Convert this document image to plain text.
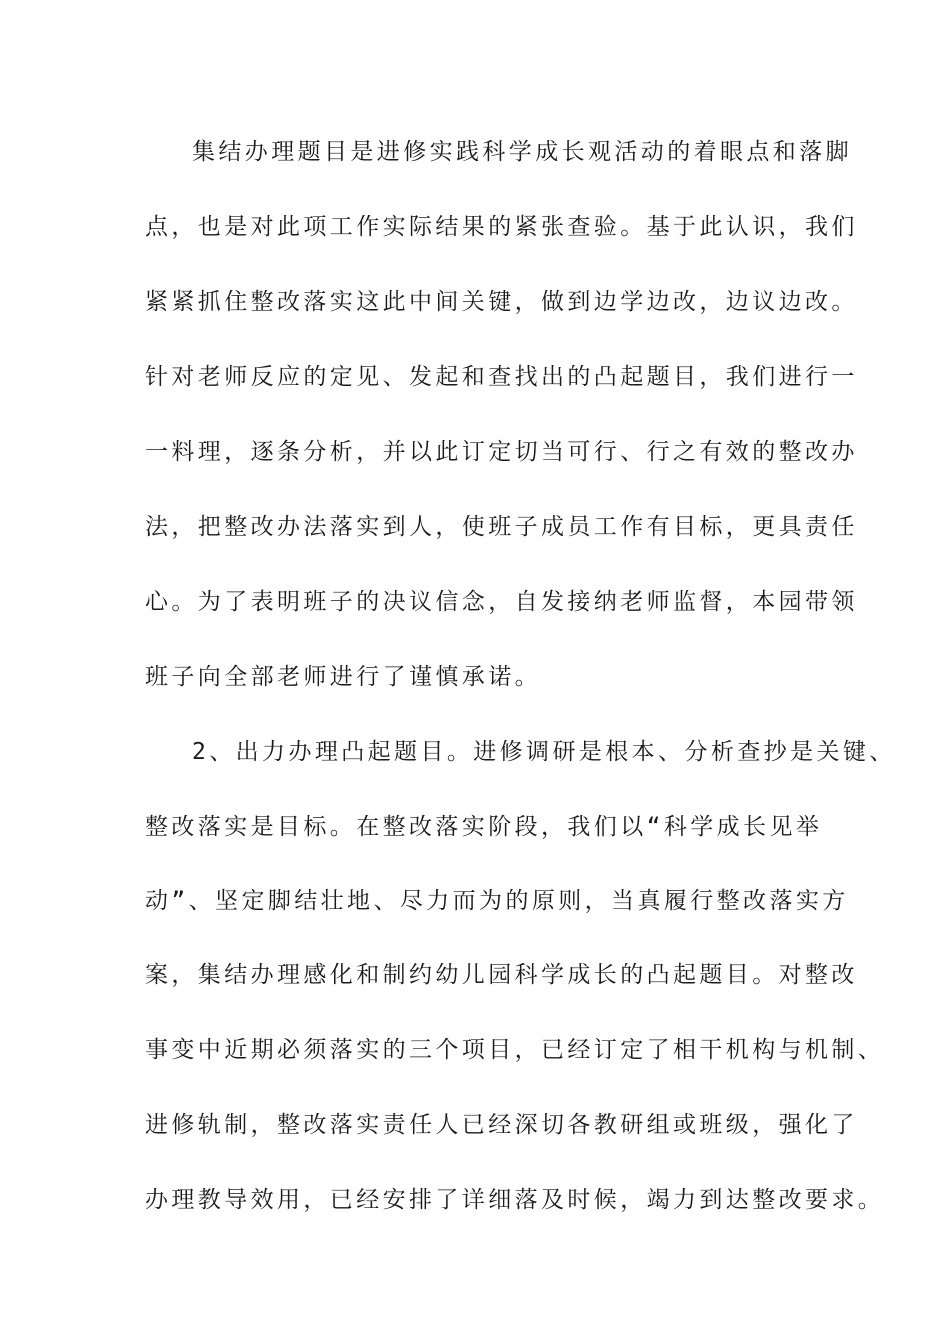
集结办理题目是进修实践科学成长观活动的着眼点和落脚
点，也是对此项工作实际结果的紧张查验。基于此认识，我们
紧紧抓住整改落实这此中间关键，做到边学边改，边议边改。
针对老师反应的定见、发起和查找出的凸起题目，我们进行一
一料理，逐条分析，并以此订定切当可行、行之有效的整改办
法，把整改办法落实到人，使班子成员工作有目标，更具责任
心。为了表明班子的决议信念，自发接纳老师监督，本园带领
班子向全部老师进行了谨慎承诺。
2、出力办理凸起题目。进修调研是根本、分析查抄是关键、
整改落实是目标。在整改落实阶段，我们以“科学成长见举
动”、坚定脚结壮地、尽力而为的原则，当真履行整改落实方
案，集结办理感化和制约幼儿园科学成长的凸起题目。对整改
事变中近期必须落实的三个项目，已经订定了相干机构与机制、
进修轨制，整改落实责任人已经深切各教研组或班级，强化了
办理教导效用，已经安排了详细落及时候，竭力到达整改要求。
